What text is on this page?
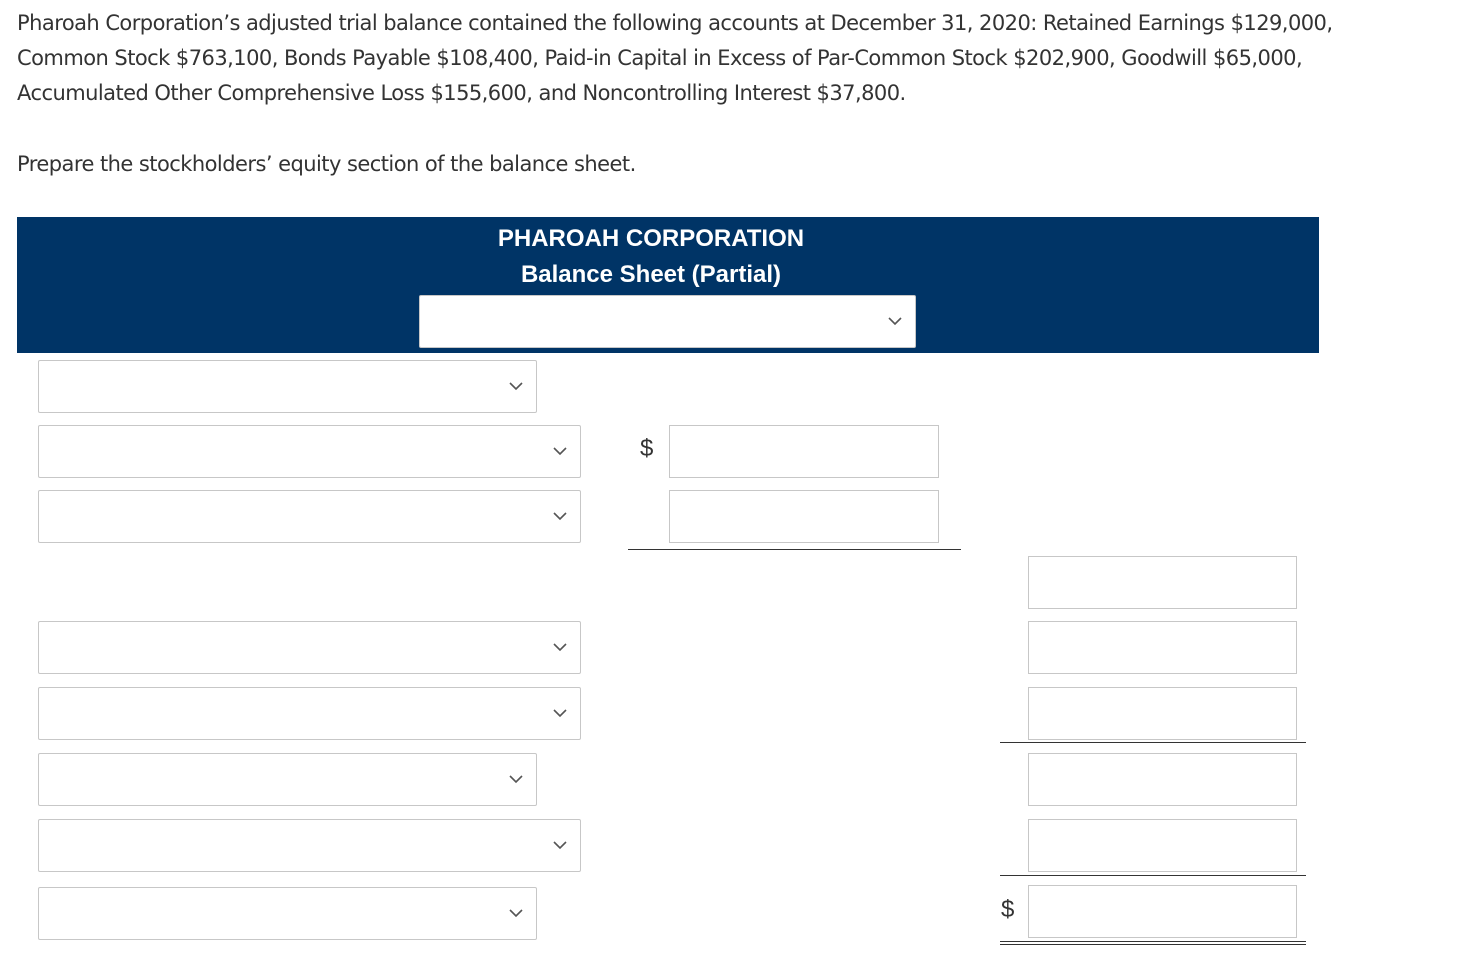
Pharoah Corporation’s adjusted trial balance contained the following accounts at December 31, 2020: Retained Earnings $129,000,
Common Stock $763,100, Bonds Payable $108,400, Paid-in Capital in Excess of Par-Common Stock $202,900, Goodwill $65,000,
Accumulated Other Comprehensive Loss $155,600, and Noncontrolling Interest $37,800.

Prepare the stockholders’ equity section of the balance sheet.

PHAROAH CORPORATION
Balance Sheet (Partial)
$
$
